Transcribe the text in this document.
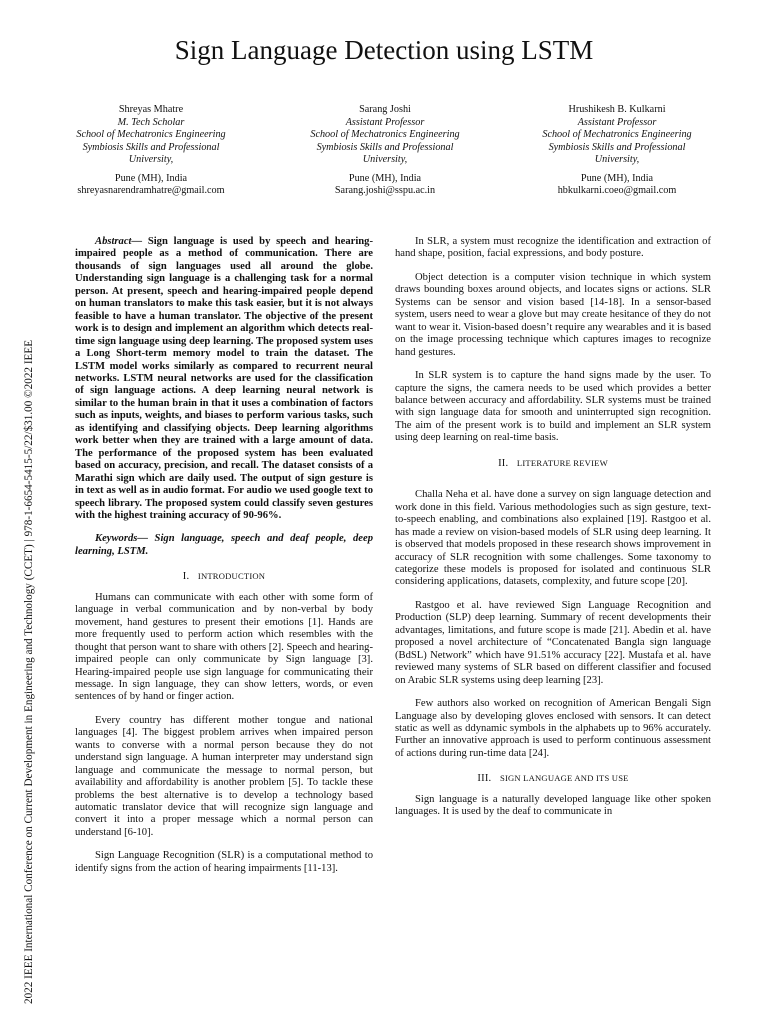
Sign Language Detection using LSTM
Shreyas Mhatre
M. Tech Scholar
School of Mechatronics Engineering
Symbiosis Skills and Professional
University,
Pune (MH), India
shreyasnarendramhatre@gmail.com
Sarang Joshi
Assistant Professor
School of Mechatronics Engineering
Symbiosis Skills and Professional
University,
Pune (MH), India
Sarang.joshi@sspu.ac.in
Hrushikesh B. Kulkarni
Assistant Professor
School of Mechatronics Engineering
Symbiosis Skills and Professional
University,
Pune (MH), India
hbkulkarni.coeo@gmail.com
2022 IEEE International Conference on Current Development in Engineering and Technology (CCET) | 978-1-6654-5415-5/22/$31.00 ©2022 IEEE

Abstract— Sign language is used by speech and hearing-impaired people as a method of communication. There are thousands of sign languages used all around the globe. Understanding sign language is a challenging task for a normal person. At present, speech and hearing-impaired people depend on human translators to make this task easier, but it is not always feasible to have a human translator. The objective of the present work is to design and implement an algorithm which detects real-time sign language using deep learning. The proposed system uses a Long Short-term memory model to train the dataset. The LSTM model works similarly as compared to recurrent neural networks. LSTM neural networks are used for the classification of sign language actions. A deep learning neural network is similar to the human brain in that it uses a combination of factors such as inputs, weights, and biases to perform various tasks, such as identifying and classifying objects. Deep learning algorithms work better when they are trained with a large amount of data. The performance of the proposed system has been evaluated based on accuracy, precision, and recall. The dataset consists of a Marathi sign which are daily used. The output of sign gesture is in text as well as in audio format. For audio we used google text to speech library. The proposed system could classify seven gestures with the highest training accuracy of 90-96%.

Keywords— Sign language, speech and deaf people, deep learning, LSTM.

I. INTRODUCTION

Humans can communicate with each other with some form of language in verbal communication and by non-verbal by body movement, hand gestures to present their emotions [1]. Hands are more frequently used to perform action which resembles with the thought that person want to share with others [2]. Speech and hearing-impaired people can only communicate by Sign language [3]. Hearing-impaired people use sign language for communicating their message. In sign language, they can show letters, words, or even sentences of by hand or finger action.

Every country has different mother tongue and national languages [4]. The biggest problem arrives when impaired person wants to converse with a normal person because they do not understand sign language. A human interpreter may understand sign language and communicate the message to normal person, but availability and affordability is another problem [5]. To tackle these problems the best alternative is to develop a technology based automatic translator device that will recognize sign language and convert it into a proper message which a normal person can understand [6-10].

Sign Language Recognition (SLR) is a computational method to identify signs from the action of hearing impairments [11-13].

In SLR, a system must recognize the identification and extraction of hand shape, position, facial expressions, and body posture.

Object detection is a computer vision technique in which system draws bounding boxes around objects, and locates signs or actions. SLR Systems can be sensor and vision based [14-18]. In a sensor-based system, users need to wear a glove but may create hesitance of they do not want to wear it. Vision-based doesn’t require any wearables and it is based on the image processing technique which captures images to recognize hand gestures.

In SLR system is to capture the hand signs made by the user. To capture the signs, the camera needs to be used which provides a better balance between accuracy and affordability. SLR systems must be trained with sign language data for smooth and uninterrupted sign recognition. The aim of the present work is to build and implement an SLR system using deep learning on real-time basis.

II. LITERATURE REVIEW

Challa Neha et al. have done a survey on sign language detection and work done in this field. Various methodologies such as sign gesture, text-to-speech enabling, and combinations also explained [19]. Rastgoo et al. has made a review on vision-based models of SLR using deep learning. It is observed that models proposed in these research shows improvement in accuracy of SLR recognition with some challenges. Some taxonomy to categorize these models is proposed for isolated and continuous SLR considering applications, datasets, complexity, and future scope [20].

Rastgoo et al. have reviewed Sign Language Recognition and Production (SLP) deep learning. Summary of recent developments their advantages, limitations, and future scope is made [21]. Abedin et al. have proposed a novel architecture of “Concatenated Bangla sign language (BdSL) Network” which have 91.51% accuracy [22]. Mustafa et al. have reviewed many systems of SLR based on different classifier and focused on Arabic SLR systems using deep learning [23].

Few authors also worked on recognition of American Bengali Sign Language also by developing gloves enclosed with sensors. It can detect static as well as ddynamic symbols in the alphabets up to 96% accurately. Further an innovative approach is used to perform continuous assessment of actions during run-time data [24].

III. SIGN LANGUAGE AND ITS USE

Sign language is a naturally developed language like other spoken languages. It is used by the deaf to communicate in
